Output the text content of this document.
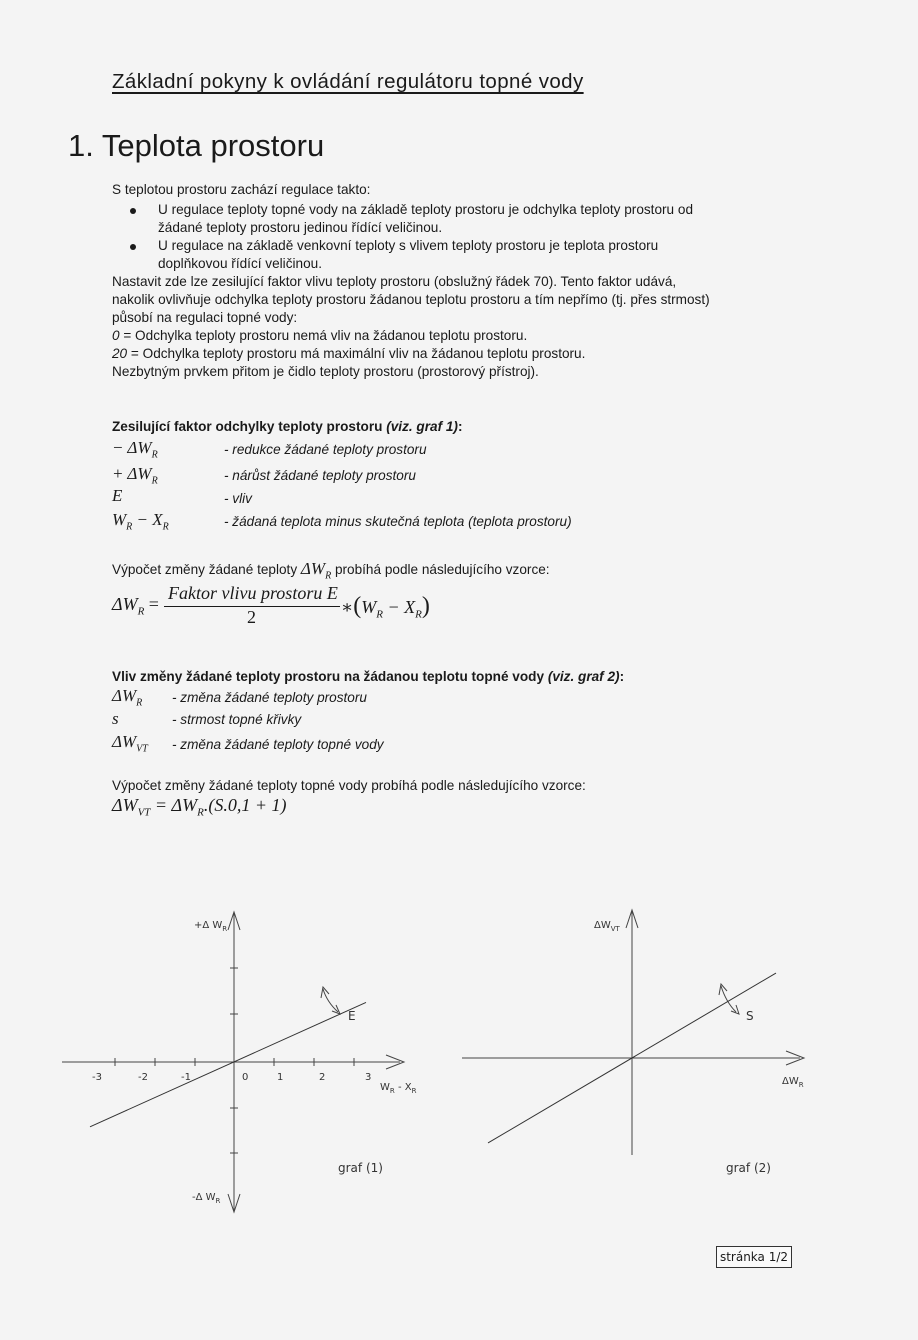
Základní pokyny k ovládání regulátoru topné vody
1. Teplota prostoru
S teplotou prostoru zachází regulace takto:
U regulace teploty topné vody na základě teploty prostoru je odchylka teploty prostoru od
žádané teploty prostoru jedinou řídící veličinou.
U regulace na základě venkovní teploty s vlivem teploty prostoru je teplota prostoru
doplňkovou řídící veličinou.
Nastavit zde lze zesilující faktor vlivu teploty prostoru (obslužný řádek 70). Tento faktor udává,
nakolik ovlivňuje odchylka teploty prostoru žádanou teplotu prostoru a tím nepřímo (tj. přes strmost)
působí na regulaci topné vody:
0 = Odchylka teploty prostoru nemá vliv na žádanou teplotu prostoru.
20 = Odchylka teploty prostoru má maximální vliv na žádanou teplotu prostoru.
Nezbytným prvkem přitom je čidlo teploty prostoru (prostorový přístroj).
Zesilující faktor odchylky teploty prostoru (viz. graf 1):
− $\Delta W_R$	- redukce žádané teploty prostoru
+ $\Delta W_R$	- nárůst žádané teploty prostoru
E	- vliv
$W_R - X_R$	- žádaná teplota minus skutečná teplota (teplota prostoru)
Výpočet změny žádané teploty $\Delta W_R$ probíhá podle následujícího vzorce:
$\Delta W_R$ =
Faktor vlivu prostoru E
2	$∗(W_R - X_R)$
Vliv změny žádané teploty prostoru na žádanou teplotu topné vody (viz. graf 2):
$\Delta W_R$ - změna žádané teploty prostoru
s	- strmost topné křivky
$\Delta W_{VT}$ - změna žádané teploty topné vody
Výpočet změny žádané teploty topné vody probíhá podle následujícího vzorce:
$\Delta W_{VT} = \Delta W_R.(S.0,1 + 1)$
-3	-2	-1	0	1	2	3
$W_R - X_R$
+Δ $W_R$
-Δ $W_R$
E
graf (1)
$\Delta W_{VT}$
$\Delta W_R$
S
graf (2)
stránka 1/2
